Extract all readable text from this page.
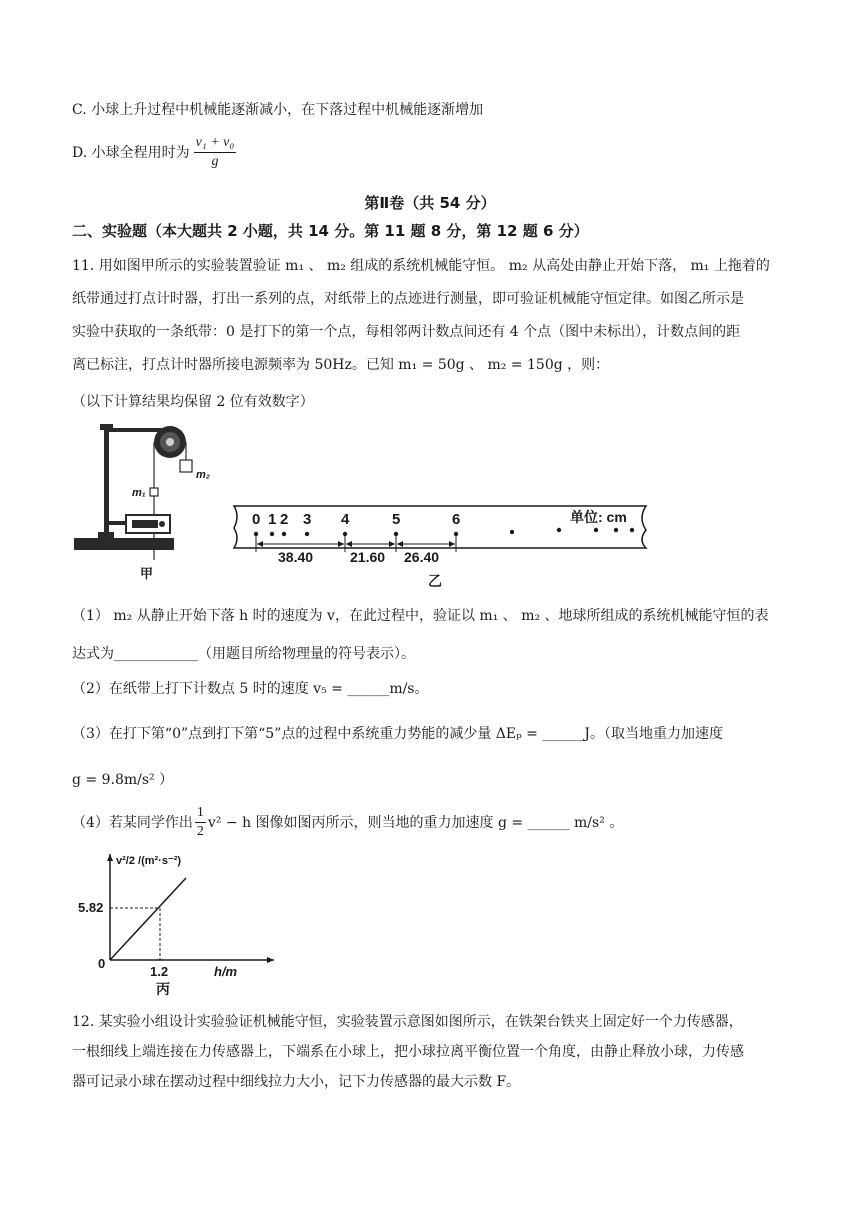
C. 小球上升过程中机械能逐渐减小，在下落过程中机械能逐渐增加
D. 小球全程用时为 $\frac{\text{v₁ + v₀}}{g}$
第Ⅱ卷（共 54 分）
二、实验题（本大题共 2 小题，共 14 分。第 11 题 8 分，第 12 题 6 分）
11. 用如图甲所示的实验装置验证 m₁ 、 m₂ 组成的系统机械能守恒。 m₂ 从高处由静止开始下落， m₁ 上拖着的
纸带通过打点计时器，打出一系列的点，对纸带上的点迹进行测量，即可验证机械能守恒定律。如图乙所示是
实验中获取的一条纸带：0 是打下的第一个点，每相邻两计数点间还有 4 个点（图中未标出），计数点间的距
离已标注，打点计时器所接电源频率为 50Hz。已知 m₁ = 50g 、 m₂ = 150g ，则：
（以下计算结果均保留 2 位有效数字）
m₂
m₁
甲
0 1 2 3 4	5	6	单位: cm
38.40	21.60 26.40
乙
（1） m₂ 从静止开始下落 h 时的速度为 v，在此过程中，验证以 m₁ 、 m₂ 、地球所组成的系统机械能守恒的表
达式为____________（用题目所给物理量的符号表示）。
（2）在纸带上打下计数点 5 时的速度 v₅ = ______m/s。
（3）在打下第“0”点到打下第“5”点的过程中系统重力势能的减少量 ΔEₚ = ______J。（取当地重力加速度
g = 9.8m/s² ）
（4）若某同学作出 $\frac{1}{2} v^2 - h$ 图像如图丙所示，则当地的重力加速度 g = ______ m/s² 。
5.82
0
1.2	h/m
v²/2 /(m²·s⁻²)
丙
12. 某实验小组设计实验验证机械能守恒，实验装置示意图如图所示，在铁架台铁夹上固定好一个力传感器，
一根细线上端连接在力传感器上，下端系在小球上，把小球拉离平衡位置一个角度，由静止释放小球，力传感
器可记录小球在摆动过程中细线拉力大小，记下力传感器的最大示数 F。
